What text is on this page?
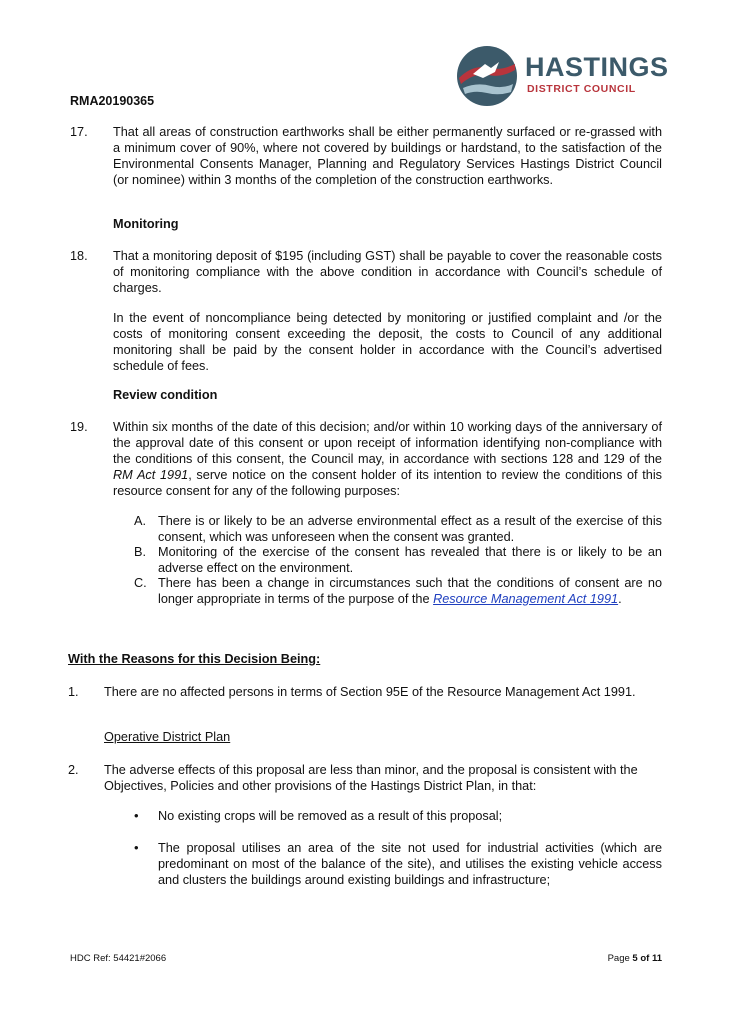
HASTINGS
DISTRICT COUNCIL
RMA20190365
17. That all areas of construction earthworks shall be either permanently surfaced or re-grassed with a minimum cover of 90%, where not covered by buildings or hardstand, to the satisfaction of the Environmental Consents Manager, Planning and Regulatory Services Hastings District Council (or nominee) within 3 months of the completion of the construction earthworks.
Monitoring
18. That a monitoring deposit of $195 (including GST) shall be payable to cover the reasonable costs of monitoring compliance with the above condition in accordance with Council’s schedule of charges.
In the event of noncompliance being detected by monitoring or justified complaint and /or the costs of monitoring consent exceeding the deposit, the costs to Council of any additional monitoring shall be paid by the consent holder in accordance with the Council’s advertised schedule of fees.
Review condition
19. Within six months of the date of this decision; and/or within 10 working days of the anniversary of the approval date of this consent or upon receipt of information identifying non-compliance with the conditions of this consent, the Council may, in accordance with sections 128 and 129 of the RM Act 1991, serve notice on the consent holder of its intention to review the conditions of this resource consent for any of the following purposes:
A. There is or likely to be an adverse environmental effect as a result of the exercise of this consent, which was unforeseen when the consent was granted.
B. Monitoring of the exercise of the consent has revealed that there is or likely to be an adverse effect on the environment.
C. There has been a change in circumstances such that the conditions of consent are no longer appropriate in terms of the purpose of the Resource Management Act 1991.
With the Reasons for this Decision Being:
1. There are no affected persons in terms of Section 95E of the Resource Management Act 1991.
Operative District Plan
2. The adverse effects of this proposal are less than minor, and the proposal is consistent with the Objectives, Policies and other provisions of the Hastings District Plan, in that:
• No existing crops will be removed as a result of this proposal;
• The proposal utilises an area of the site not used for industrial activities (which are predominant on most of the balance of the site), and utilises the existing vehicle access and clusters the buildings around existing buildings and infrastructure;
HDC Ref: 54421#2066	Page 5 of 11
